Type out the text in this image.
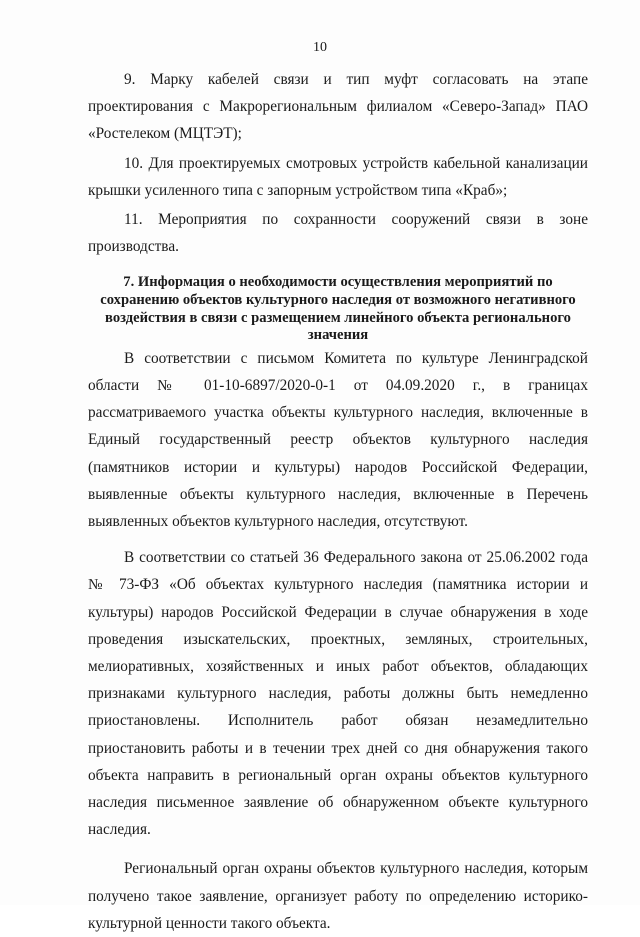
10

9. Марку кабелей связи и тип муфт согласовать на этапе проектирования с Макрорегиональным филиалом «Северо-Запад» ПАО «Ростелеком (МЦТЭТ);

10. Для проектируемых смотровых устройств кабельной канализации крышки усиленного типа с запорным устройством типа «Краб»;

11. Мероприятия по сохранности сооружений связи в зоне производства.

7. Информация о необходимости осуществления мероприятий по сохранению объектов культурного наследия от возможного негативного воздействия в связи с размещением линейного объекта регионального значения

В соответствии с письмом Комитета по культуре Ленинградской области № 01-10-6897/2020-0-1 от 04.09.2020 г., в границах рассматриваемого участка объекты культурного наследия, включенные в Единый государственный реестр объектов культурного наследия (памятников истории и культуры) народов Российской Федерации, выявленные объекты культурного наследия, включенные в Перечень выявленных объектов культурного наследия, отсутствуют.

В соответствии со статьей 36 Федерального закона от 25.06.2002 года № 73-ФЗ «Об объектах культурного наследия (памятника истории и культуры) народов Российской Федерации в случае обнаружения в ходе проведения изыскательских, проектных, земляных, строительных, мелиоративных, хозяйственных и иных работ объектов, обладающих признаками культурного наследия, работы должны быть немедленно приостановлены. Исполнитель работ обязан незамедлительно приостановить работы и в течении трех дней со дня обнаружения такого объекта направить в региональный орган охраны объектов культурного наследия письменное заявление об обнаруженном объекте культурного наследия.

Региональный орган охраны объектов культурного наследия, которым получено такое заявление, организует работу по определению историко-культурной ценности такого объекта.
